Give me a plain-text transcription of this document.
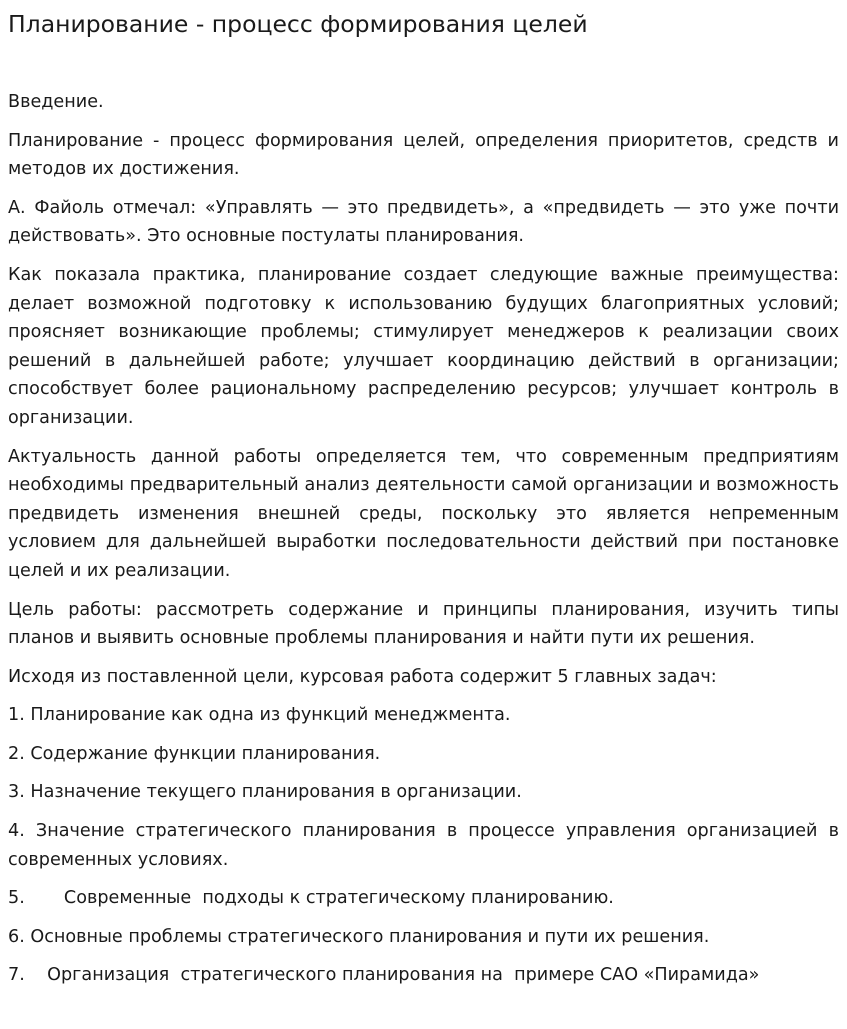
Планирование - процесс формирования целей

Введение.

Планирование - процесс формирования целей, определения приоритетов, средств и методов их достижения.

А. Файоль отмечал: «Управлять — это предвидеть», а «предвидеть — это уже почти действовать». Это основные постулаты планирования.

Как показала практика, планирование создает следующие важные преимущества: делает возможной подготовку к использованию будущих благоприятных условий; проясняет возникающие проблемы; стимулирует менеджеров к реализации своих решений в дальнейшей работе; улучшает координацию действий в организации; способствует более рациональному распределению ресурсов; улучшает контроль в организации.

Актуальность данной работы определяется тем, что современным предприятиям необходимы предварительный анализ деятельности самой организации и возможность предвидеть изменения внешней среды, поскольку это является непременным условием для дальнейшей выработки последовательности действий при постановке целей и их реализации.

Цель работы: рассмотреть содержание и принципы планирования, изучить типы планов и выявить основные проблемы планирования и найти пути их решения.

Исходя из поставленной цели, курсовая работа содержит 5 главных задач:

1. Планирование как одна из функций менеджмента.

2. Содержание функции планирования.

3. Назначение текущего планирования в организации.

4. Значение стратегического планирования в процессе управления организацией в современных условиях.

5.       Современные  подходы к стратегическому планированию.

6. Основные проблемы стратегического планирования и пути их решения.

7.    Организация  стратегического планирования на  примере САО «Пирамида»
